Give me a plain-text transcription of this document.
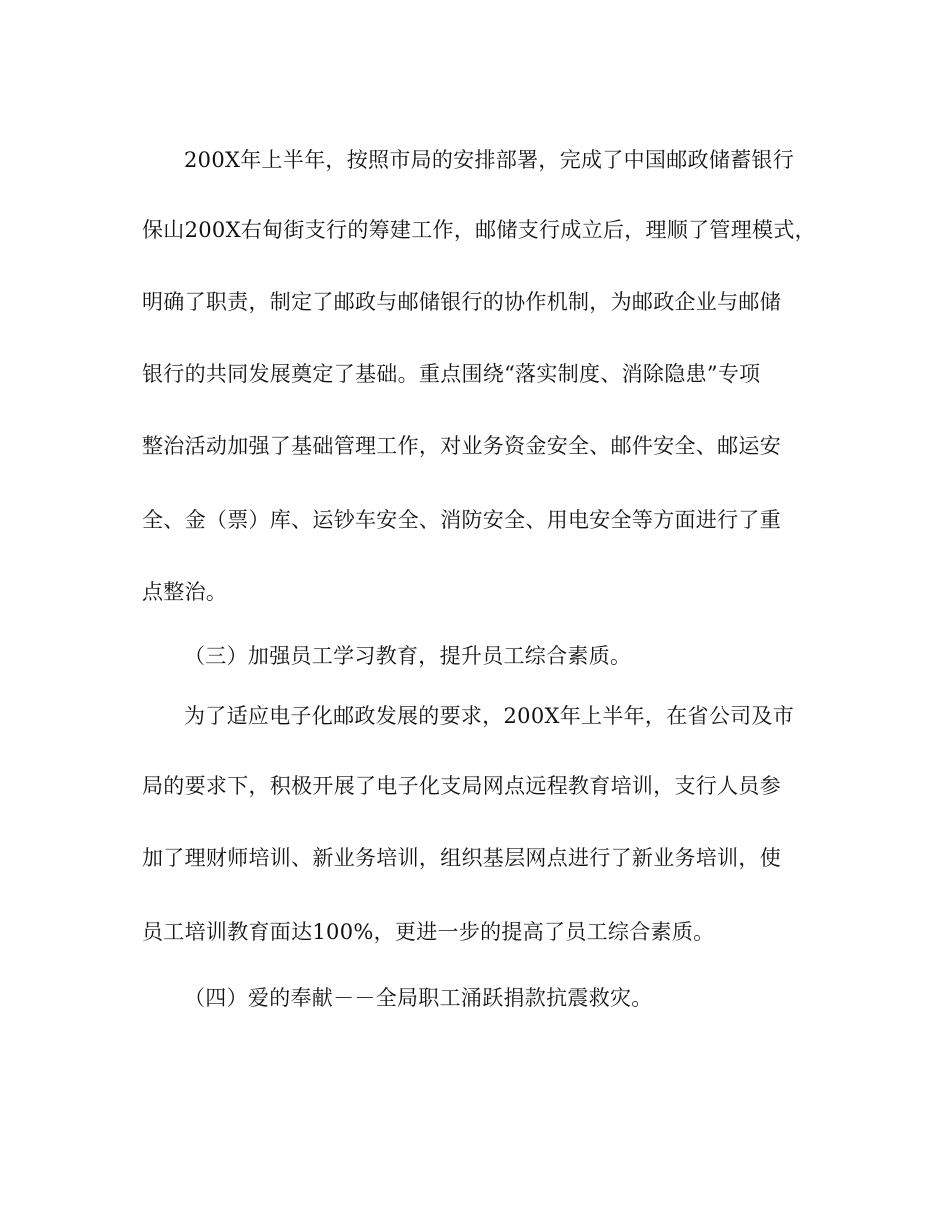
200X年上半年，按照市局的安排部署，完成了中国邮政储蓄银行
保山200X右甸街支行的筹建工作，邮储支行成立后，理顺了管理模式，
明确了职责，制定了邮政与邮储银行的协作机制，为邮政企业与邮储
银行的共同发展奠定了基础。重点围绕“落实制度、消除隐患”专项
整治活动加强了基础管理工作，对业务资金安全、邮件安全、邮运安
全、金（票）库、运钞车安全、消防安全、用电安全等方面进行了重
点整治。
（三）加强员工学习教育，提升员工综合素质。
为了适应电子化邮政发展的要求，200X年上半年，在省公司及市
局的要求下，积极开展了电子化支局网点远程教育培训，支行人员参
加了理财师培训、新业务培训，组织基层网点进行了新业务培训，使
员工培训教育面达100%，更进一步的提高了员工综合素质。
（四）爱的奉献－－全局职工涌跃捐款抗震救灾。
